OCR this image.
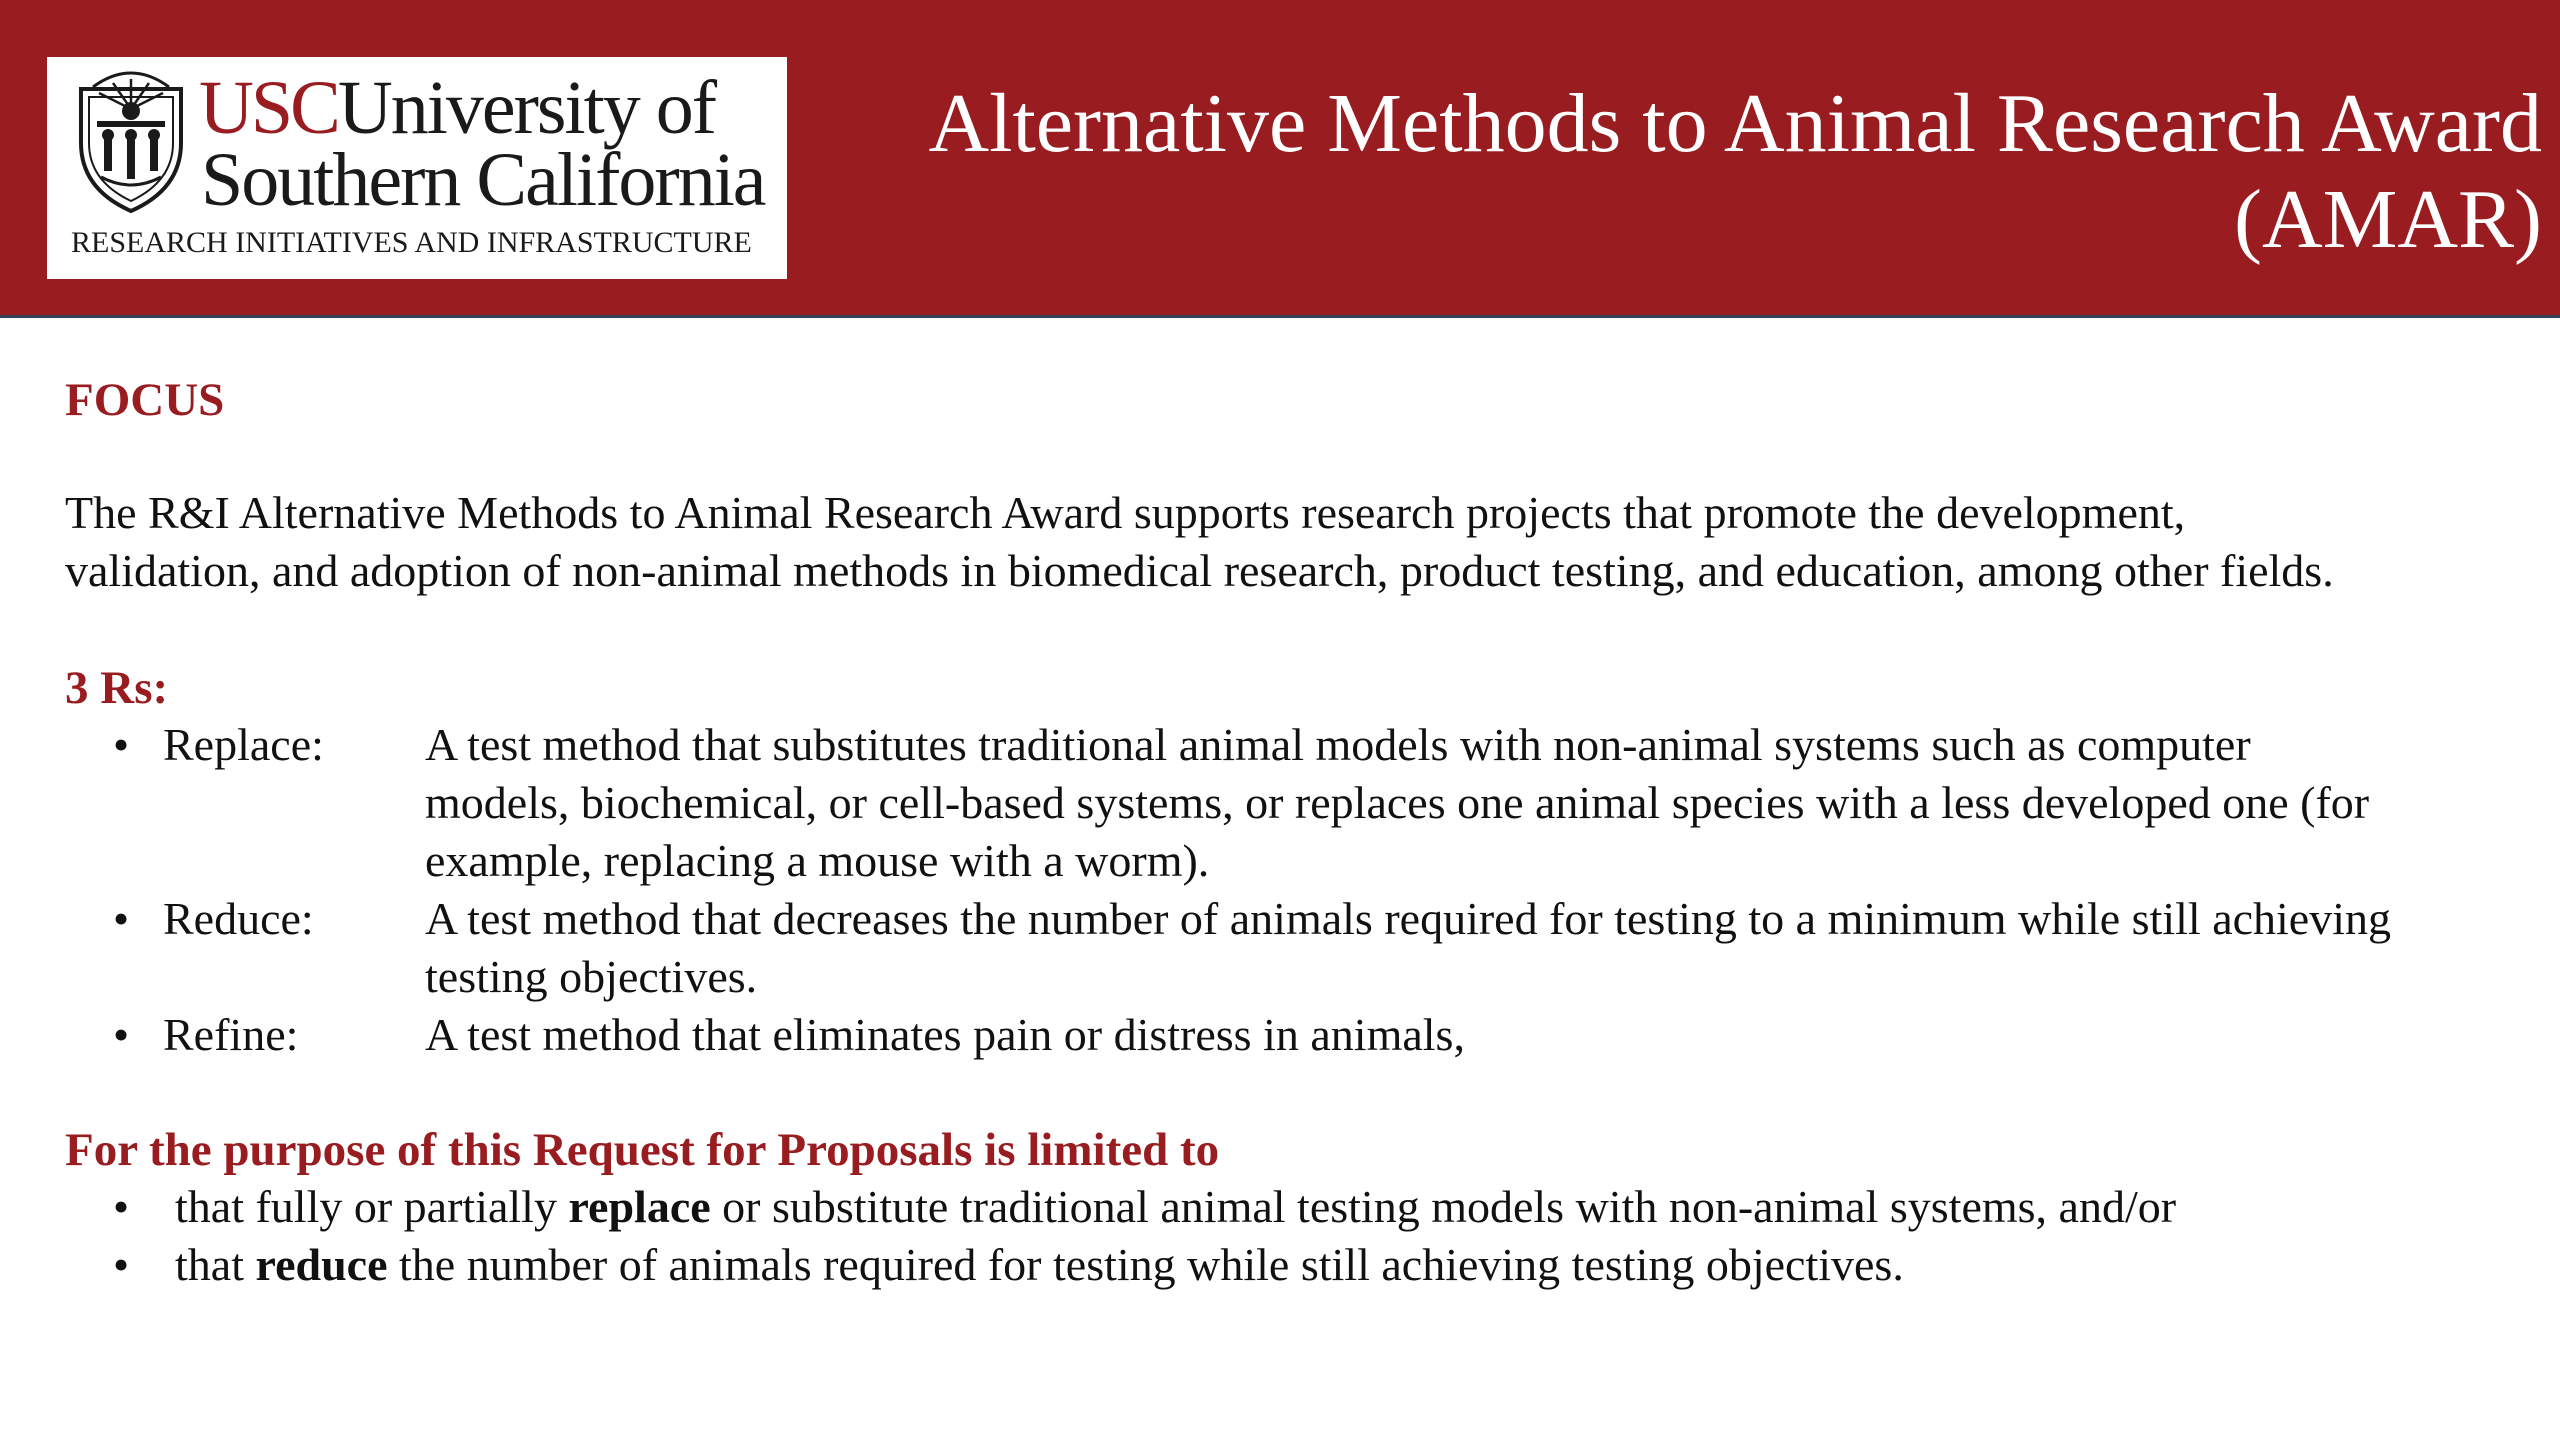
USCUniversity of
Southern California
RESEARCH INITIATIVES AND INFRASTRUCTURE
Alternative Methods to Animal Research Award
(AMAR)
FOCUS
The R&I Alternative Methods to Animal Research Award supports research projects that promote the development,
validation, and adoption of non-animal methods in biomedical research, product testing, and education, among other fields.
3 Rs:
• Replace:	A test method that substitutes traditional animal models with non-animal systems such as computer
models, biochemical, or cell-based systems, or replaces one animal species with a less developed one (for
example, replacing a mouse with a worm).
• Reduce:	A test method that decreases the number of animals required for testing to a minimum while still achieving
testing objectives.
• Refine:	A test method that eliminates pain or distress in animals,
For the purpose of this Request for Proposals is limited to
• that fully or partially replace or substitute traditional animal testing models with non-animal systems, and/or
• that reduce the number of animals required for testing while still achieving testing objectives.
